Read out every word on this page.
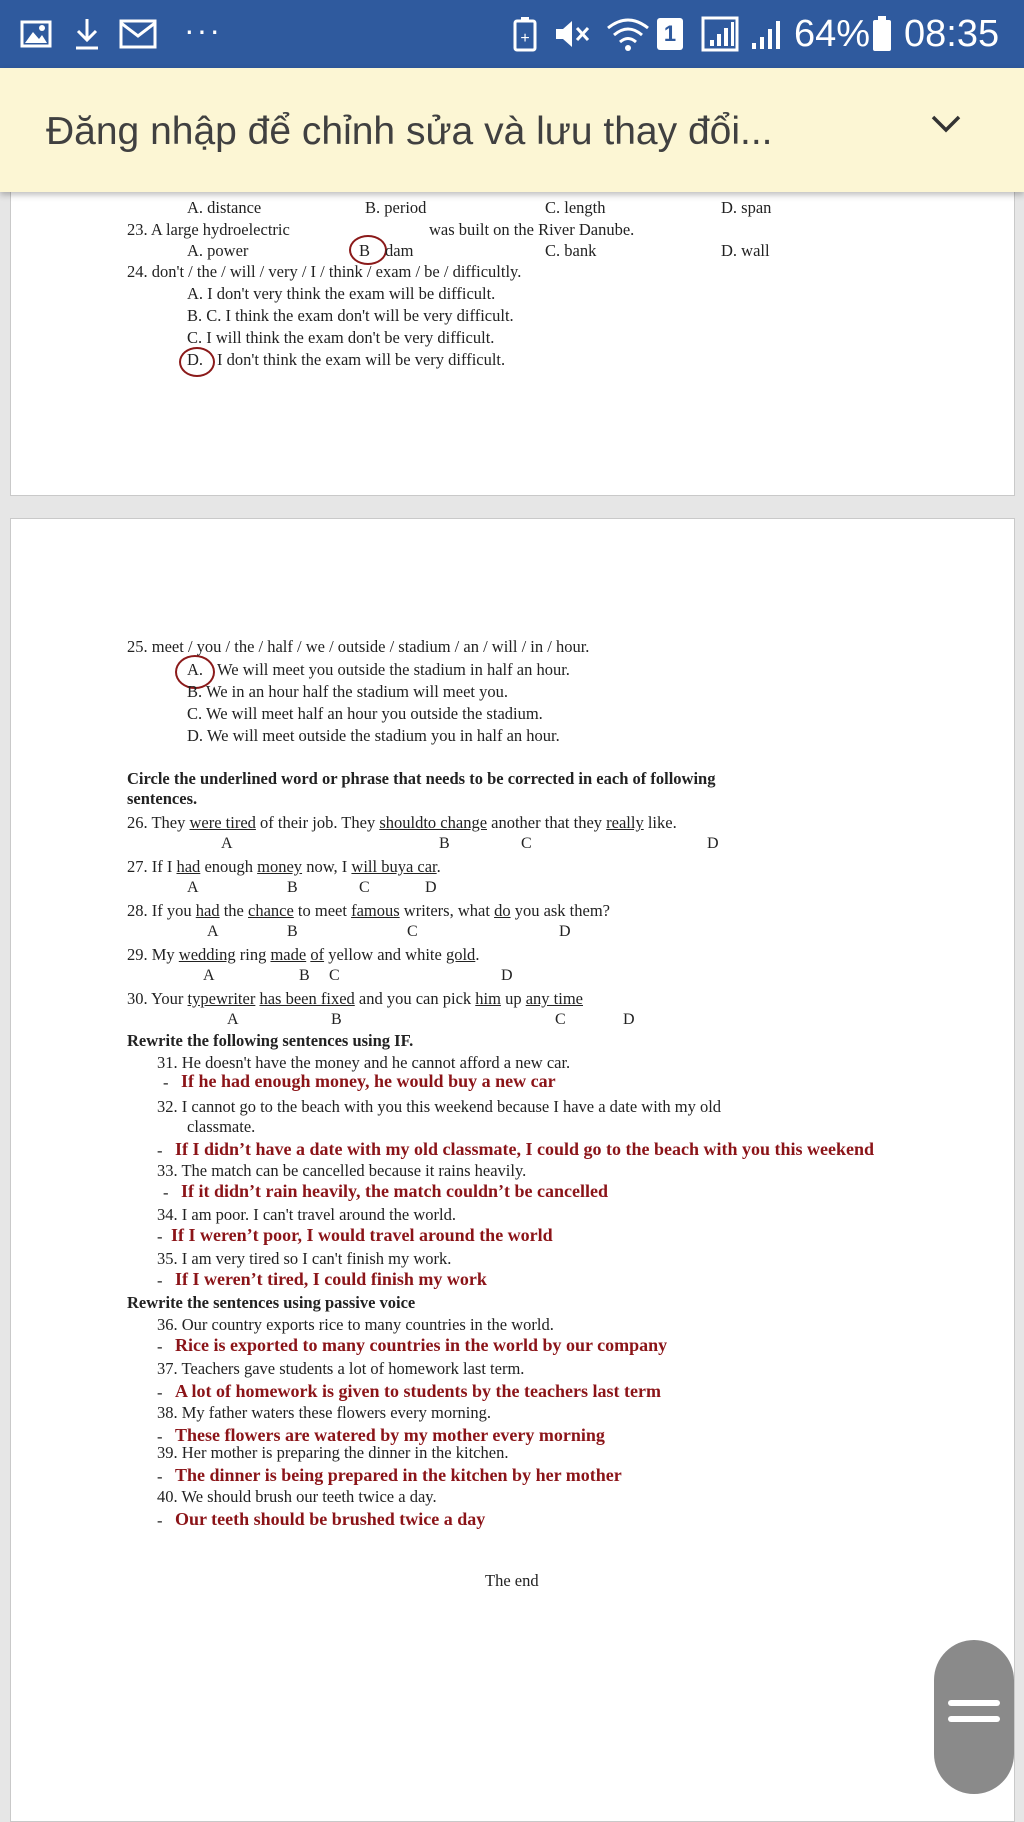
···	+	1	64% 08:35
Đăng nhập để chỉnh sửa và lưu thay đổi...
A. distance	B. period	C. length	D. span
23. A large hydroelectric	was built on the River Danube.
A. power	B dam	C. bank	D. wall
24. don't / the / will / very / I / think / exam / be / difficultly.
A. I don't very think the exam will be difficult.
B. C. I think the exam don't will be very difficult.
C. I will think the exam don't be very difficult.
D. I don't think the exam will be very difficult.
25. meet / you / the / half / we / outside / stadium / an / will / in / hour.
A. We will meet you outside the stadium in half an hour.
B. We in an hour half the stadium will meet you.
C. We will meet half an hour you outside the stadium.
D. We will meet outside the stadium you in half an hour.
Circle the underlined word or phrase that needs to be corrected in each of following
sentences.
26. They were tired of their job. They shouldto change another that they really like.
A	B	C	D
27. If I had enough money now, I will buya car.
A	B	C	D
28. If you had the chance to meet famous writers, what do you ask them?
A	B	C	D
29. My wedding ring made of yellow and white gold.
A	B C	D
30. Your typewriter has been fixed and you can pick him up any time
A	B	C	D
Rewrite the following sentences using IF.
31. He doesn't have the money and he cannot afford a new car.
- If he had enough money, he would buy a new car
32. I cannot go to the beach with you this weekend because I have a date with my old
classmate.
- If I didn’t have a date with my old classmate, I could go to the beach with you this weekend
33. The match can be cancelled because it rains heavily.
- If it didn’t rain heavily, the match couldn’t be cancelled
34. I am poor. I can't travel around the world.
- If I weren’t poor, I would travel around the world
35. I am very tired so I can't finish my work.
- If I weren’t tired, I could finish my work
Rewrite the sentences using passive voice
36. Our country exports rice to many countries in the world.
- Rice is exported to many countries in the world by our company
37. Teachers gave students a lot of homework last term.
- A lot of homework is given to students by the teachers last term
38. My father waters these flowers every morning.
- These flowers are watered by my mother every morning
39. Her mother is preparing the dinner in the kitchen.
- The dinner is being prepared in the kitchen by her mother
40. We should brush our teeth twice a day.
- Our teeth should be brushed twice a day
The end
